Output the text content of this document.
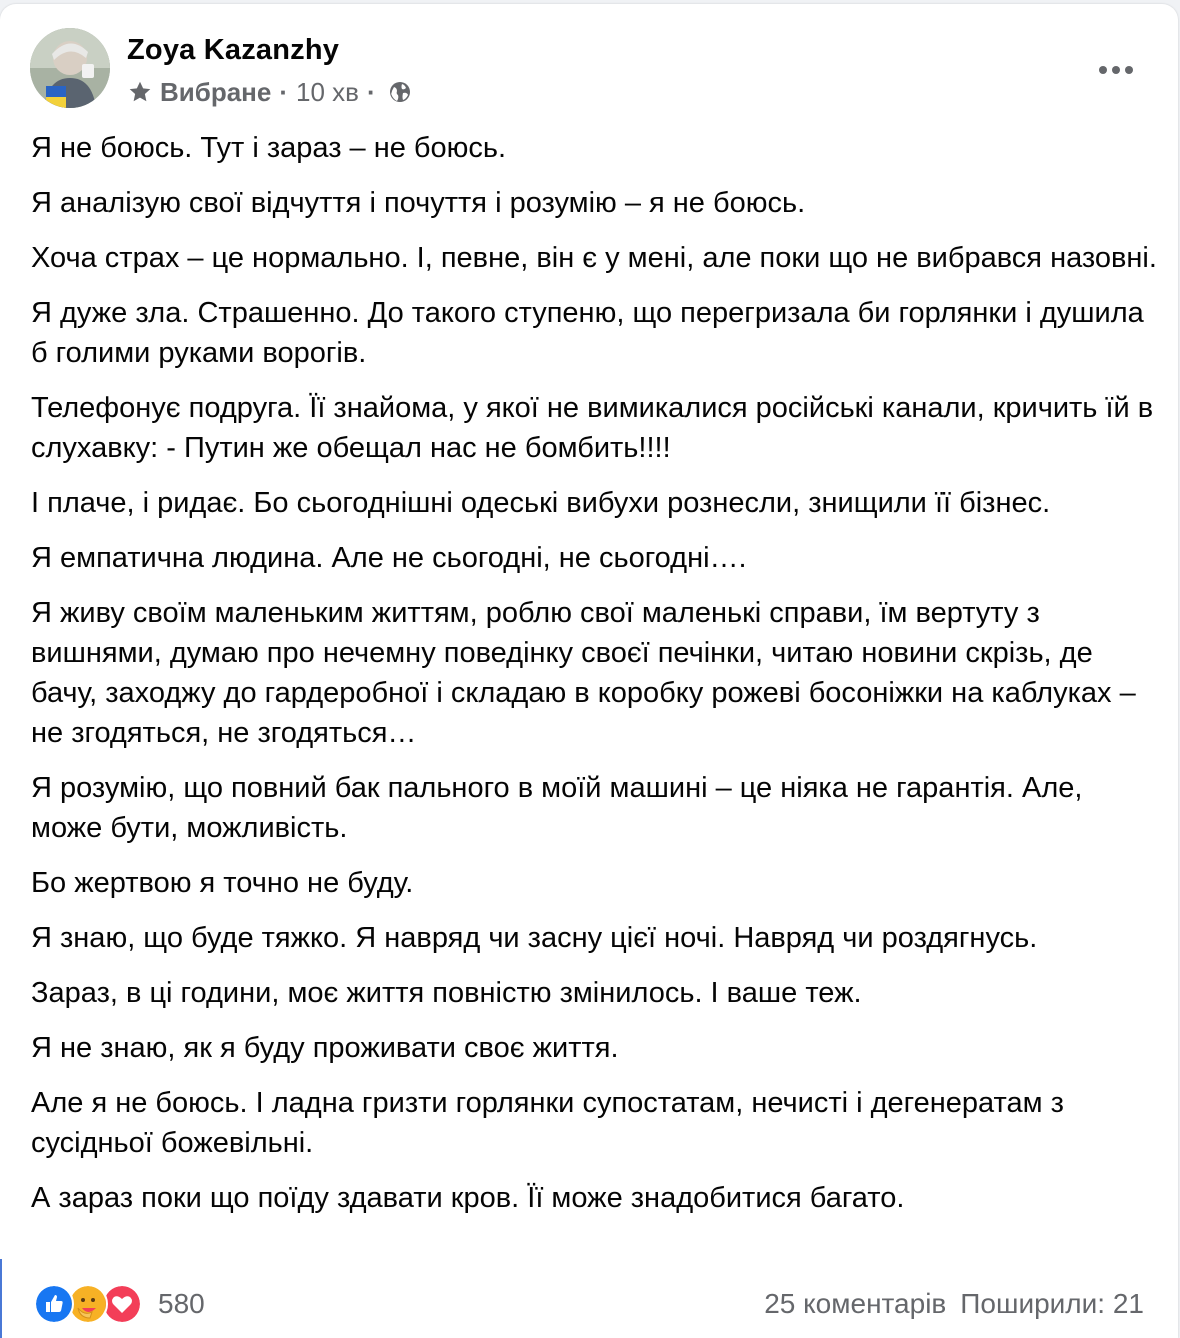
Zoya Kazanzhy
Вибране · 10 хв ·

Я не боюсь. Тут і зараз – не боюсь.

Я аналізую свої відчуття і почуття і розумію – я не боюсь.

Хоча страх – це нормально. І, певне, він є у мені, але поки що не вибрався назовні.

Я дуже зла. Страшенно. До такого ступеню, що перегризала би горлянки і душила б голими руками ворогів.

Телефонує подруга. Її знайома, у якої не вимикалися російські канали, кричить їй в слухавку: - Путин же обещал нас не бомбить!!!!

І плаче, і ридає. Бо сьогоднішні одеські вибухи рознесли, знищили її бізнес.

Я емпатична людина. Але не сьогодні, не сьогодні….

Я живу своїм маленьким життям, роблю свої маленькі справи, їм вертуту з вишнями, думаю про нечемну поведінку своєї печінки, читаю новини скрізь, де бачу, заходжу до гардеробної і складаю в коробку рожеві босоніжки на каблуках – не згодяться, не згодяться…

Я розумію, що повний бак пального в моїй машині – це ніяка не гарантія. Але, може бути, можливість.

Бо жертвою я точно не буду.

Я знаю, що буде тяжко. Я навряд чи засну цієї ночі. Навряд чи роздягнусь.

Зараз, в ці години, моє життя повністю змінилось. І ваше теж.

Я не знаю, як я буду проживати своє життя.

Але я не боюсь. І ладна гризти горлянки супостатам, нечисті і дегенератам з сусідньої божевільні.

А зараз поки що поїду здавати кров. Її може знадобитися багато.

580	25 коментарів Поширили: 21
